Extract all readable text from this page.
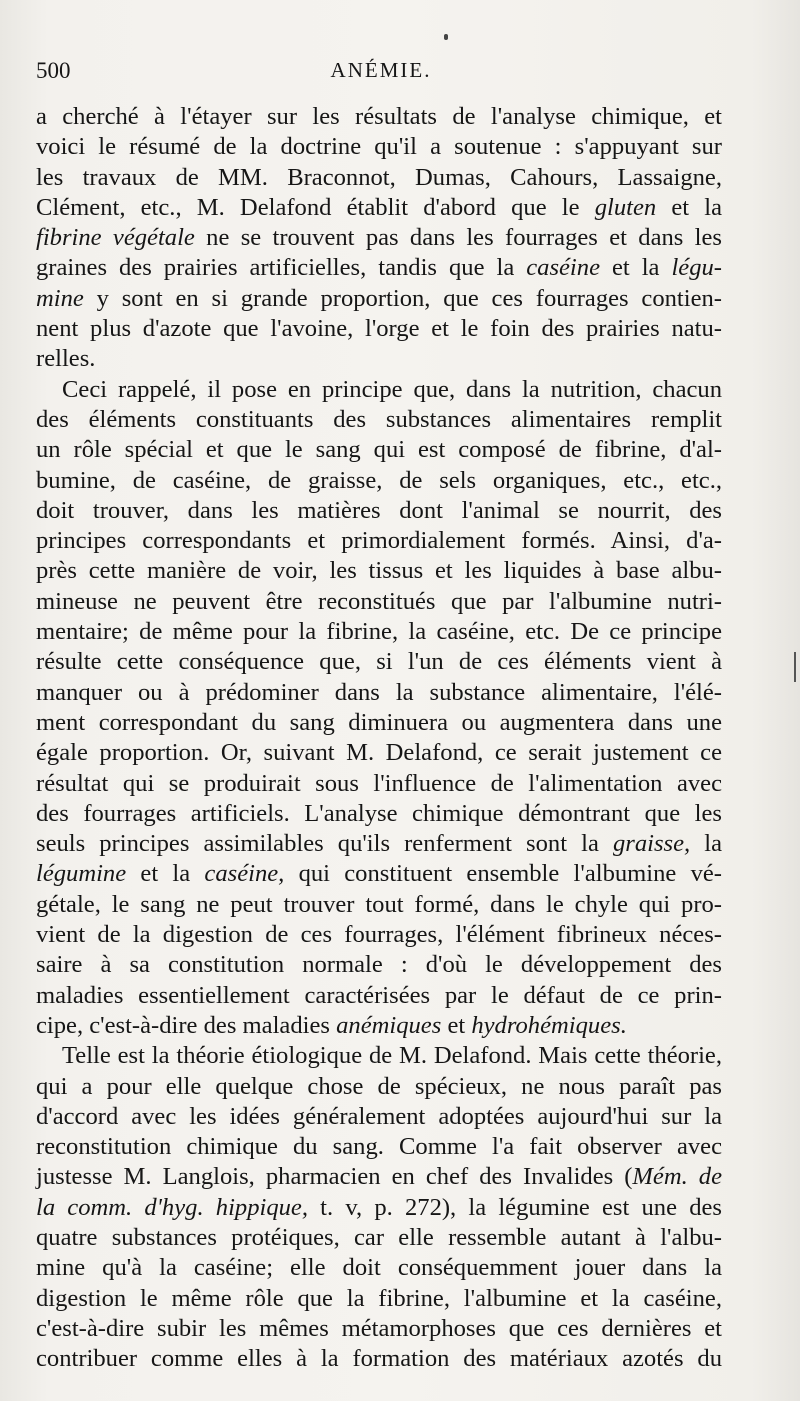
500	ANÉMIE.
a cherché à l'étayer sur les résultats de l'analyse chimique, et
voici le résumé de la doctrine qu'il a soutenue : s'appuyant sur
les travaux de MM. Braconnot, Dumas, Cahours, Lassaigne,
Clément, etc., M. Delafond établit d'abord que le gluten et la
fibrine végétale ne se trouvent pas dans les fourrages et dans les
graines des prairies artificielles, tandis que la caséine et la légu-
mine y sont en si grande proportion, que ces fourrages contien-
nent plus d'azote que l'avoine, l'orge et le foin des prairies natu-
relles.
Ceci rappelé, il pose en principe que, dans la nutrition, chacun
des éléments constituants des substances alimentaires remplit
un rôle spécial et que le sang qui est composé de fibrine, d'al-
bumine, de caséine, de graisse, de sels organiques, etc., etc.,
doit trouver, dans les matières dont l'animal se nourrit, des
principes correspondants et primordialement formés. Ainsi, d'a-
près cette manière de voir, les tissus et les liquides à base albu-
mineuse ne peuvent être reconstitués que par l'albumine nutri-
mentaire; de même pour la fibrine, la caséine, etc. De ce principe
résulte cette conséquence que, si l'un de ces éléments vient à
manquer ou à prédominer dans la substance alimentaire, l'élé-
ment correspondant du sang diminuera ou augmentera dans une
égale proportion. Or, suivant M. Delafond, ce serait justement ce
résultat qui se produirait sous l'influence de l'alimentation avec
des fourrages artificiels. L'analyse chimique démontrant que les
seuls principes assimilables qu'ils renferment sont la graisse, la
légumine et la caséine, qui constituent ensemble l'albumine vé-
gétale, le sang ne peut trouver tout formé, dans le chyle qui pro-
vient de la digestion de ces fourrages, l'élément fibrineux néces-
saire à sa constitution normale : d'où le développement des
maladies essentiellement caractérisées par le défaut de ce prin-
cipe, c'est-à-dire des maladies anémiques et hydrohémiques.
Telle est la théorie étiologique de M. Delafond. Mais cette théorie,
qui a pour elle quelque chose de spécieux, ne nous paraît pas
d'accord avec les idées généralement adoptées aujourd'hui sur la
reconstitution chimique du sang. Comme l'a fait observer avec
justesse M. Langlois, pharmacien en chef des Invalides (Mém. de
la comm. d'hyg. hippique, t. v, p. 272), la légumine est une des
quatre substances protéiques, car elle ressemble autant à l'albu-
mine qu'à la caséine; elle doit conséquemment jouer dans la
digestion le même rôle que la fibrine, l'albumine et la caséine,
c'est-à-dire subir les mêmes métamorphoses que ces dernières et
contribuer comme elles à la formation des matériaux azotés du
